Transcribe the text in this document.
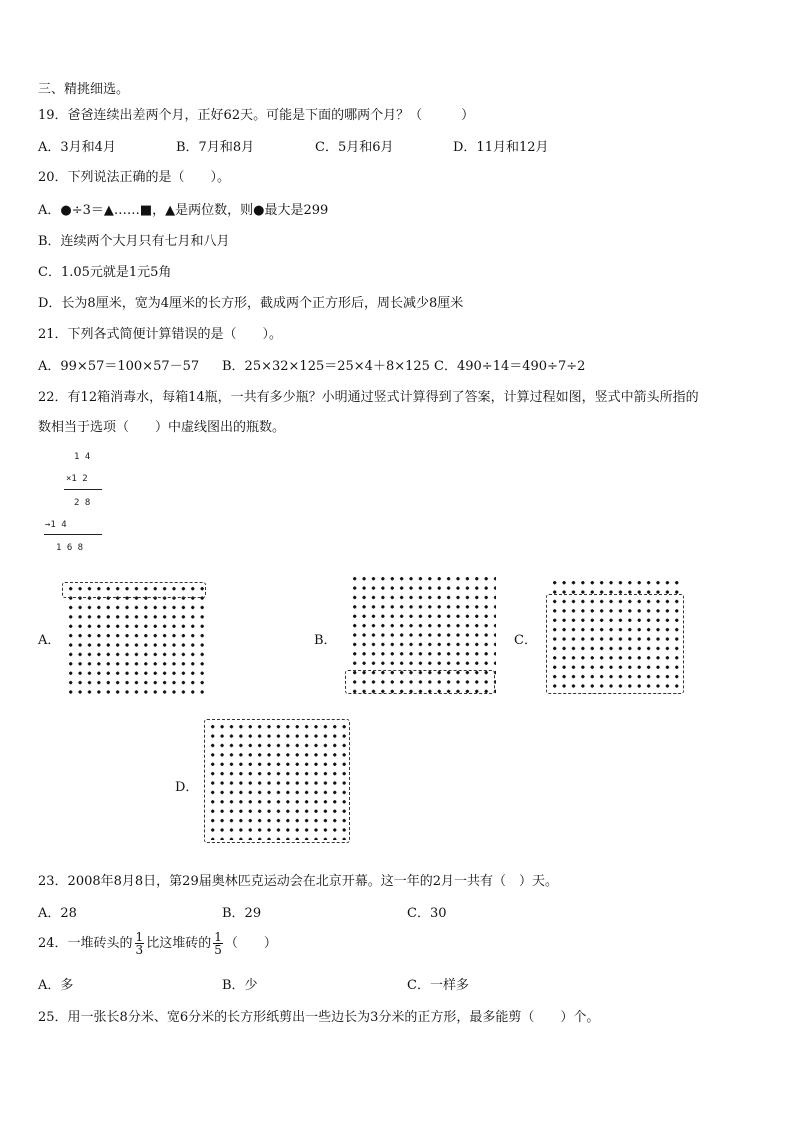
三、精挑细选。
19．爸爸连续出差两个月，正好62天。可能是下面的哪两个月？（　　　）
A．3月和4月	B．7月和8月	C．5月和6月	D．11月和12月
20．下列说法正确的是（　　）。
A．●÷3＝▲……■，▲是两位数，则●最大是299
B．连续两个大月只有七月和八月
C．1.05元就是1元5角
D．长为8厘米，宽为4厘米的长方形，截成两个正方形后，周长减少8厘米
21．下列各式简便计算错误的是（　　）。
A．99×57＝100×57－57 B．25×32×125＝25×4＋8×125 C．490÷14＝490÷7÷2
22．有12箱消毒水，每箱14瓶，一共有多少瓶？小明通过竖式计算得到了答案，计算过程如图，竖式中箭头所指的
数相当于选项（　　）中虚线图出的瓶数。
1 4
×1 2
2 8
→1 4
1 6 8
A．	B．	C．
D．
23．2008年8月8日，第29届奥林匹克运动会在北京开幕。这一年的2月一共有（　）天。
A．28	B．29	C．30
24．一堆砖头的 $\frac{1}{3}$ 比这堆砖的 $\frac{1}{5}$ （　　）
A．多	B．少	C．一样多
25．用一张长8分米、宽6分米的长方形纸剪出一些边长为3分米的正方形，最多能剪（　　）个。
